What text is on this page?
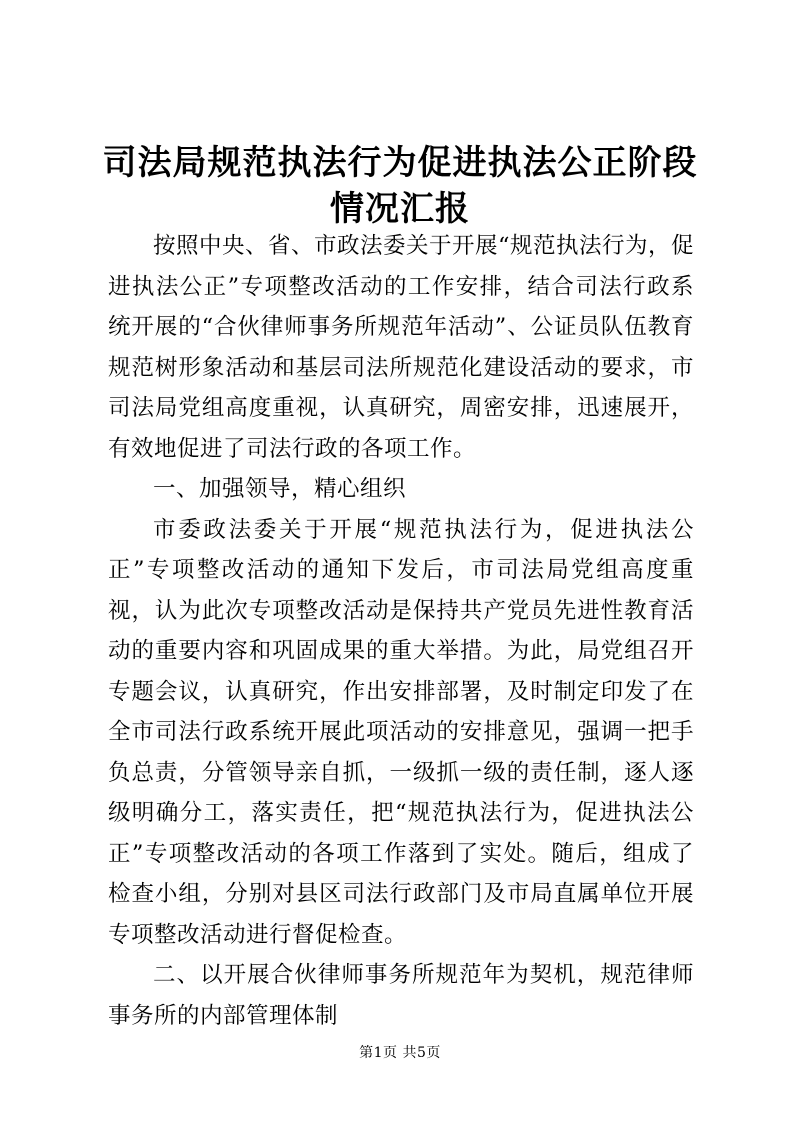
司法局规范执法行为促进执法公正阶段情况汇报

按照中央、省、市政法委关于开展“规范执法行为，促进执法公正”专项整改活动的工作安排，结合司法行政系统开展的“合伙律师事务所规范年活动”、公证员队伍教育规范树形象活动和基层司法所规范化建设活动的要求，市司法局党组高度重视，认真研究，周密安排，迅速展开，有效地促进了司法行政的各项工作。

一、加强领导，精心组织

市委政法委关于开展“规范执法行为，促进执法公正”专项整改活动的通知下发后，市司法局党组高度重视，认为此次专项整改活动是保持共产党员先进性教育活动的重要内容和巩固成果的重大举措。为此，局党组召开专题会议，认真研究，作出安排部署，及时制定印发了在全市司法行政系统开展此项活动的安排意见，强调一把手负总责，分管领导亲自抓，一级抓一级的责任制，逐人逐级明确分工，落实责任，把“规范执法行为，促进执法公正”专项整改活动的各项工作落到了实处。随后，组成了检查小组，分别对县区司法行政部门及市局直属单位开展专项整改活动进行督促检查。

二、以开展合伙律师事务所规范年为契机，规范律师事务所的内部管理体制

第1页 共5页
